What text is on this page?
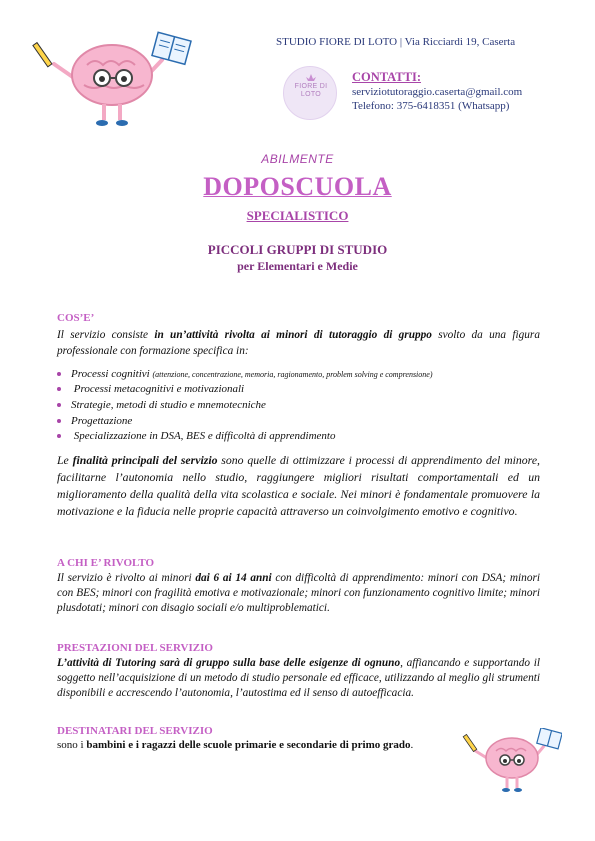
STUDIO FIORE DI LOTO | Via Ricciardi 19, Caserta
FIORE DI LOTO
CONTATTI:
serviziotutoraggio.caserta@gmail.com
Telefono: 375-6418351 (Whatsapp)
ABILMENTE
DOPOSCUOLA
SPECIALISTICO
PICCOLI GRUPPI DI STUDIO
per Elementari e Medie
COS’E’
Il servizio consiste in un’attività rivolta ai minori di tutoraggio di gruppo svolto da una figura professionale con formazione specifica in:
Processi cognitivi (attenzione, concentrazione, memoria, ragionamento, problem solving e comprensione)
Processi metacognitivi e motivazionali
Strategie, metodi di studio e mnemotecniche
Progettazione
Specializzazione in DSA, BES e difficoltà di apprendimento
Le finalità principali del servizio sono quelle di ottimizzare i processi di apprendimento del minore, facilitarne l’autonomia nello studio, raggiungere migliori risultati comportamentali ed un miglioramento della qualità della vita scolastica e sociale. Nei minori è fondamentale promuovere la motivazione e la fiducia nelle proprie capacità attraverso un coinvolgimento emotivo e cognitivo.
A CHI E’ RIVOLTO
Il servizio è rivolto ai minori dai 6 ai 14 anni con difficoltà di apprendimento: minori con DSA; minori con BES; minori con fragilità emotiva e motivazionale; minori con funzionamento cognitivo limite; minori plusdotati; minori con disagio sociali e/o multiproblematici.
PRESTAZIONI DEL SERVIZIO
L’attività di Tutoring sarà di gruppo sulla base delle esigenze di ognuno, affiancando e supportando il soggetto nell’acquisizione di un metodo di studio personale ed efficace, utilizzando al meglio gli strumenti disponibili e accrescendo l’autonomia, l’autostima ed il senso di autoefficacia.
DESTINATARI DEL SERVIZIO
sono i bambini e i ragazzi delle scuole primarie e secondarie di primo grado.
